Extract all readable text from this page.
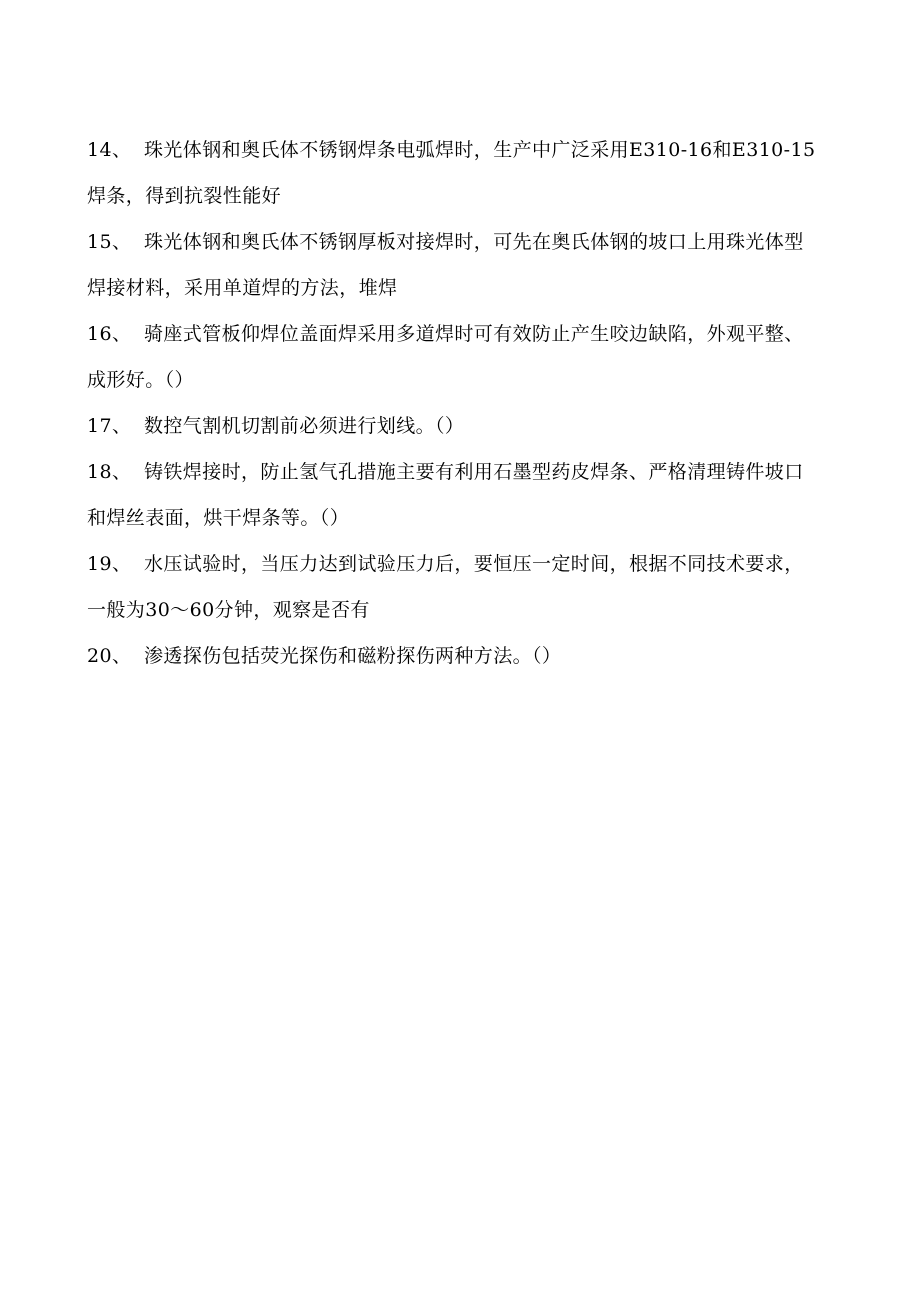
14、 珠光体钢和奥氏体不锈钢焊条电弧焊时，生产中广泛采用E310-16和E310-15焊条，得到抗裂性能好
15、 珠光体钢和奥氏体不锈钢厚板对接焊时，可先在奥氏体钢的坡口上用珠光体型焊接材料，采用单道焊的方法，堆焊
16、 骑座式管板仰焊位盖面焊采用多道焊时可有效防止产生咬边缺陷，外观平整、成形好。（）
17、 数控气割机切割前必须进行划线。（）
18、 铸铁焊接时，防止氢气孔措施主要有利用石墨型药皮焊条、严格清理铸件坡口和焊丝表面，烘干焊条等。（）
19、 水压试验时，当压力达到试验压力后，要恒压一定时间，根据不同技术要求，一般为30～60分钟，观察是否有
20、 渗透探伤包括荧光探伤和磁粉探伤两种方法。（）
